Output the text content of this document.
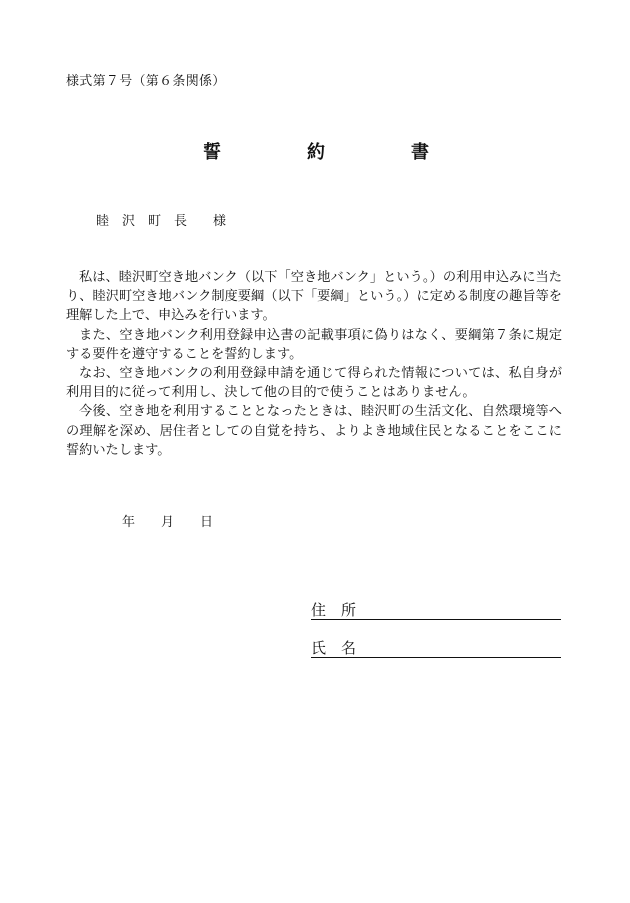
様式第７号（第６条関係）
誓	約	書
睦　沢　町　長　　様

私は、睦沢町空き地バンク（以下「空き地バンク」という。）の利用申込みに当たり、睦沢町空き地バンク制度要綱（以下「要綱」という。）に定める制度の趣旨等を理解した上で、申込みを行います。

また、空き地バンク利用登録申込書の記載事項に偽りはなく、要綱第７条に規定する要件を遵守することを誓約します。

なお、空き地バンクの利用登録申請を通じて得られた情報については、私自身が利用目的に従って利用し、決して他の目的で使うことはありません。

今後、空き地を利用することとなったときは、睦沢町の生活文化、自然環境等への理解を深め、居住者としての自覚を持ち、よりよき地域住民となることをここに誓約いたします。

年　　月　　日
住　所
氏　名
